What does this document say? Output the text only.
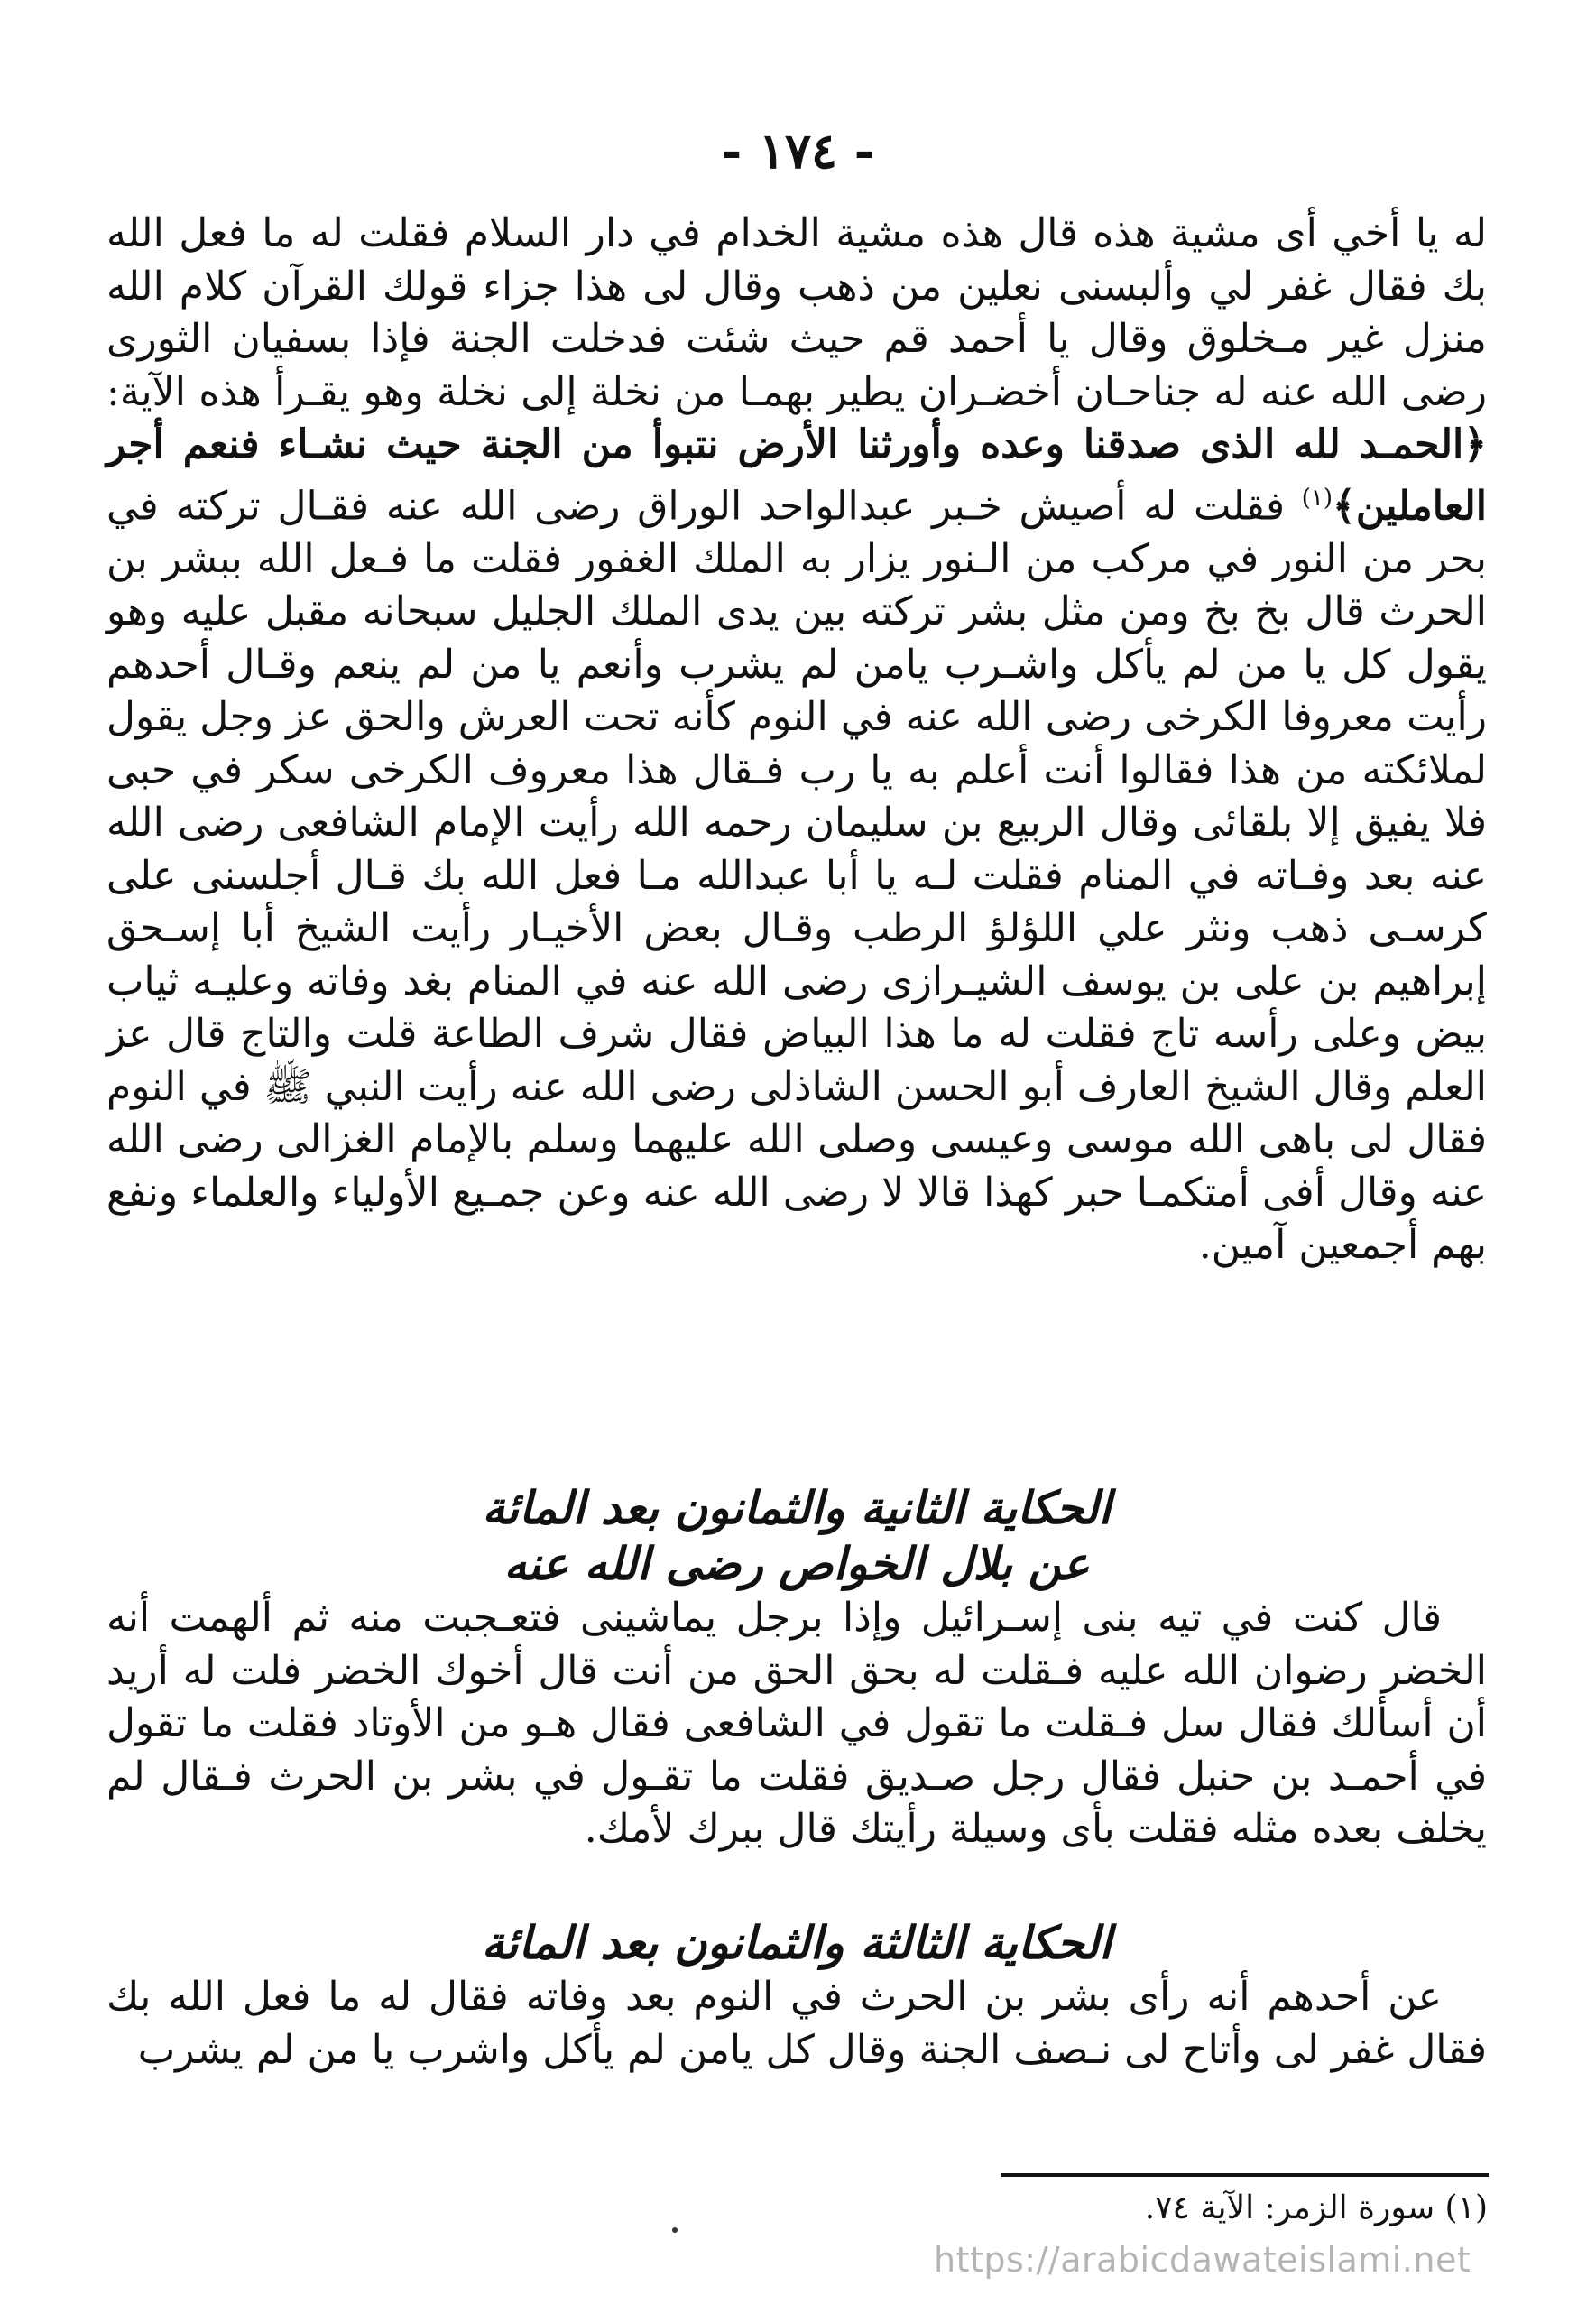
- ١٧٤ -

له يا أخي أى مشية هذه قال هذه مشية الخدام في دار السلام فقلت له ما فعل الله بك فقال غفر لي وألبسنى نعلين من ذهب وقال لى هذا جزاء قولك القرآن كلام الله منزل غير مـخلوق وقال يا أحمد قم حيث شئت فدخلت الجنة فإذا بسفيان الثورى رضى الله عنه له جناحـان أخضـران يطير بهمـا من نخلة إلى نخلة وهو يقـرأ هذه الآية: ﴿الحمـد لله الذى صدقنا وعده وأورثنا الأرض نتبوأ من الجنة حيث نشـاء فنعم أجر العاملين﴾$^{(١)}$ فقلت له أصيش خـبر عبدالواحد الوراق رضى الله عنه فقـال تركته في بحر من النور في مركب من الـنور يزار به الملك الغفور فقلت ما فـعل الله ببشر بن الحرث قال بخ بخ ومن مثل بشر تركته بين يدى الملك الجليل سبحانه مقبل عليه وهو يقول كل يا من لم يأكل واشـرب يامن لم يشرب وأنعم يا من لم ينعم وقـال أحدهم رأيت معروفا الكرخى رضى الله عنه في النوم كأنه تحت العرش والحق عز وجل يقول لملائكته من هذا فقالوا أنت أعلم به يا رب فـقال هذا معروف الكرخى سكر في حبى فلا يفيق إلا بلقائى وقال الربيع بن سليمان رحمه الله رأيت الإمام الشافعى رضى الله عنه بعد وفـاته في المنام فقلت لـه يا أبا عبدالله مـا فعل الله بك قـال أجلسنى على كرسـى ذهب ونثر علي اللؤلؤ الرطب وقـال بعض الأخيـار رأيت الشيخ أبا إسـحق إبراهيم بن على بن يوسف الشيـرازى رضى الله عنه في المنام بغد وفاته وعليـه ثياب بيض وعلى رأسه تاج فقلت له ما هذا البياض فقال شرف الطاعة قلت والتاج قال عز العلم وقال الشيخ العارف أبو الحسن الشاذلى رضى الله عنه رأيت النبي ﷺ في النوم فقال لى باهى الله موسى وعيسى وصلى الله عليهما وسلم بالإمام الغزالى رضى الله عنه وقال أفى أمتكمـا حبر كهذا قالا لا رضى الله عنه وعن جمـيع الأولياء والعلماء ونفع بهم أجمعين آمين.

الحكاية الثانية والثمانون بعد المائة
عن بلال الخواص رضى الله عنه

قال كنت في تيه بنى إسـرائيل وإذا برجل يماشينى فتعـجبت منه ثم ألهمت أنه الخضر رضوان الله عليه فـقلت له بحق الحق من أنت قال أخوك الخضر فلت له أريد أن أسألك فقال سل فـقلت ما تقول في الشافعى فقال هـو من الأوتاد فقلت ما تقول في أحمـد بن حنبل فقال رجل صـديق فقلت ما تقـول في بشر بن الحرث فـقال لم يخلف بعده مثله فقلت بأى وسيلة رأيتك قال ببرك لأمك.

الحكاية الثالثة والثمانون بعد المائة

عن أحدهم أنه رأى بشر بن الحرث في النوم بعد وفاته فقال له ما فعل الله بك فقال غفر لى وأتاح لى نـصف الجنة وقال كل يامن لم يأكل واشرب يا من لم يشرب

(١) سورة الزمر: الآية ٧٤.
https://arabicdawateislami.net
